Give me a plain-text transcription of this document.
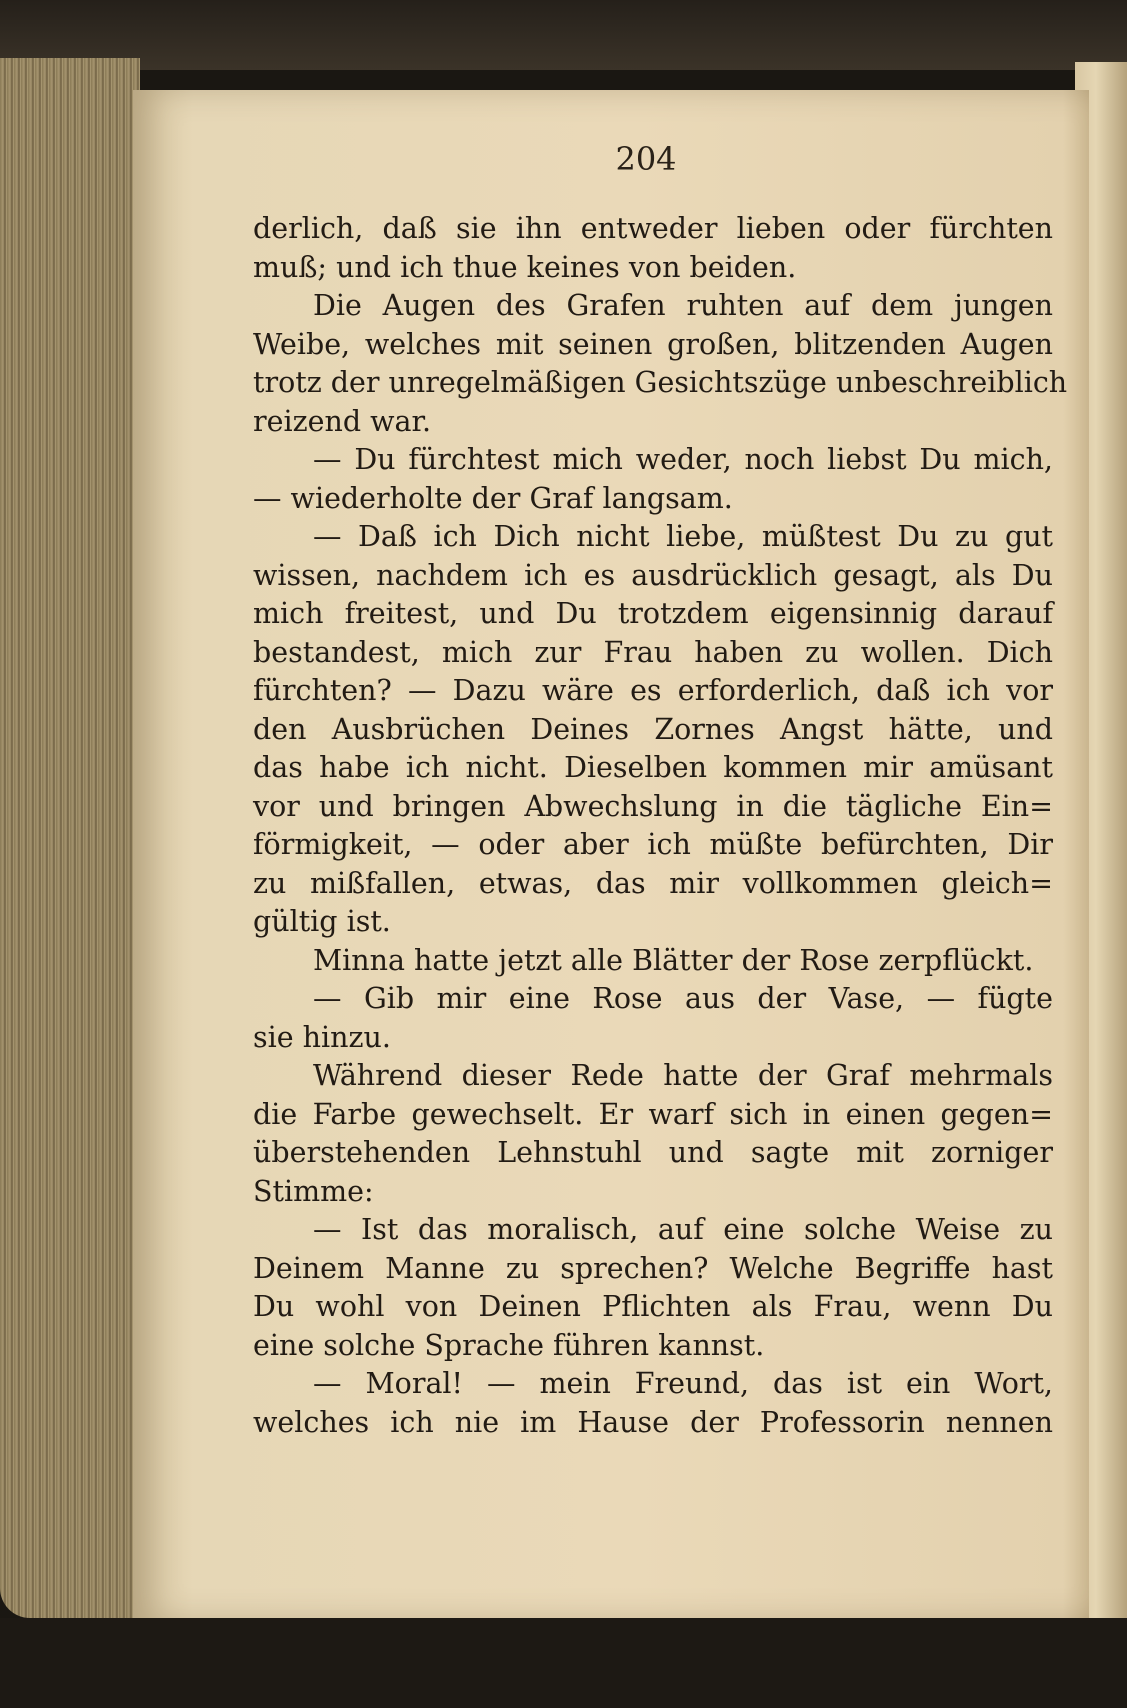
204
derlich, daß sie ihn entweder lieben oder fürchten
muß; und ich thue keines von beiden.
Die Augen des Grafen ruhten auf dem jungen
Weibe, welches mit seinen großen, blitzenden Augen
trotz der unregelmäßigen Gesichtszüge unbeschreiblich
reizend war.
— Du fürchtest mich weder, noch liebst Du mich,
— wiederholte der Graf langsam.
— Daß ich Dich nicht liebe, müßtest Du zu gut
wissen, nachdem ich es ausdrücklich gesagt, als Du
mich freitest, und Du trotzdem eigensinnig darauf
bestandest, mich zur Frau haben zu wollen. Dich
fürchten? — Dazu wäre es erforderlich, daß ich vor
den Ausbrüchen Deines Zornes Angst hätte, und
das habe ich nicht. Dieselben kommen mir amüsant
vor und bringen Abwechslung in die tägliche Ein=
förmigkeit, — oder aber ich müßte befürchten, Dir
zu mißfallen, etwas, das mir vollkommen gleich=
gültig ist.
Minna hatte jetzt alle Blätter der Rose zerpflückt.
— Gib mir eine Rose aus der Vase, — fügte
sie hinzu.
Während dieser Rede hatte der Graf mehrmals
die Farbe gewechselt. Er warf sich in einen gegen=
überstehenden Lehnstuhl und sagte mit zorniger
Stimme:
— Ist das moralisch, auf eine solche Weise zu
Deinem Manne zu sprechen? Welche Begriffe hast
Du wohl von Deinen Pflichten als Frau, wenn Du
eine solche Sprache führen kannst.
— Moral! — mein Freund, das ist ein Wort,
welches ich nie im Hause der Professorin nennen
